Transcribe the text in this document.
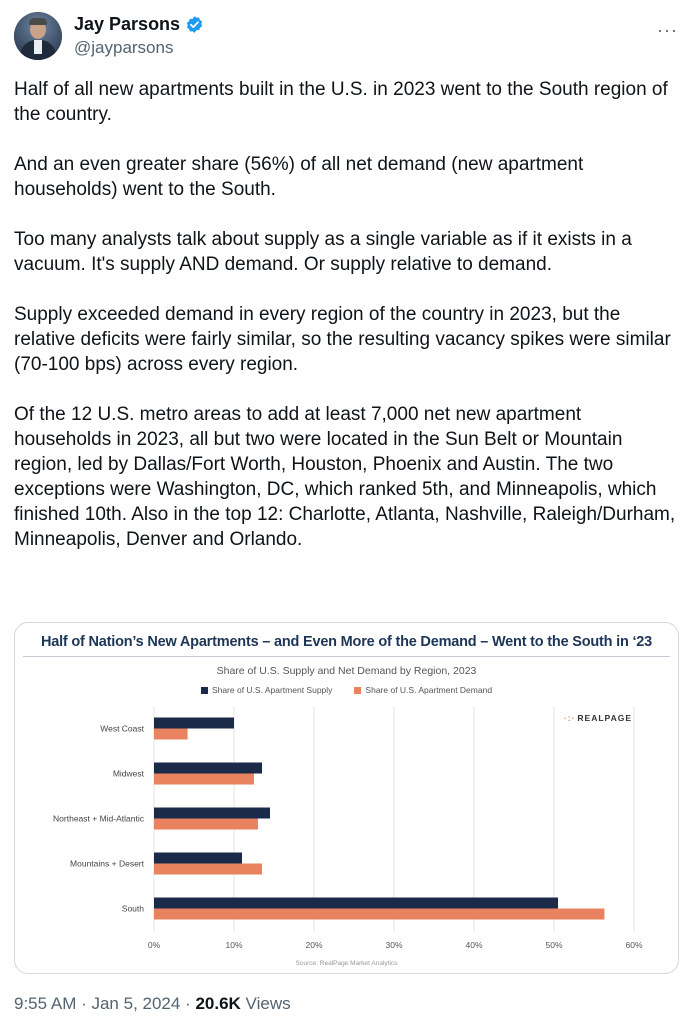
Jay Parsons
@jayparsons
···

Half of all new apartments built in the U.S. in 2023 went to the South region of the country.

And an even greater share (56%) of all net demand (new apartment households) went to the South.

Too many analysts talk about supply as a single variable as if it exists in a vacuum. It's supply AND demand. Or supply relative to demand.

Supply exceeded demand in every region of the country in 2023, but the relative deficits were fairly similar, so the resulting vacancy spikes were similar (70-100 bps) across every region.

Of the 12 U.S. metro areas to add at least 7,000 net new apartment households in 2023, all but two were located in the Sun Belt or Mountain region, led by Dallas/Fort Worth, Houston, Phoenix and Austin. The two exceptions were Washington, DC, which ranked 5th, and Minneapolis, which finished 10th. Also in the top 12: Charlotte, Atlanta, Nashville, Raleigh/Durham, Minneapolis, Denver and Orlando.

Half of Nation’s New Apartments – and Even More of the Demand – Went to the South in ‘23
Share of U.S. Supply and Net Demand by Region, 2023
Share of U.S. Apartment Supply	Share of U.S. Apartment Demand
·:· REALPAGE
0%	10%	20%	30%	40%	50%	60%
West Coast
Midwest
Northeast + Mid-Atlantic
Mountains + Desert
South
Source: RealPage Market Analytics
9:55 AM · Jan 5, 2024 · 20.6K Views
